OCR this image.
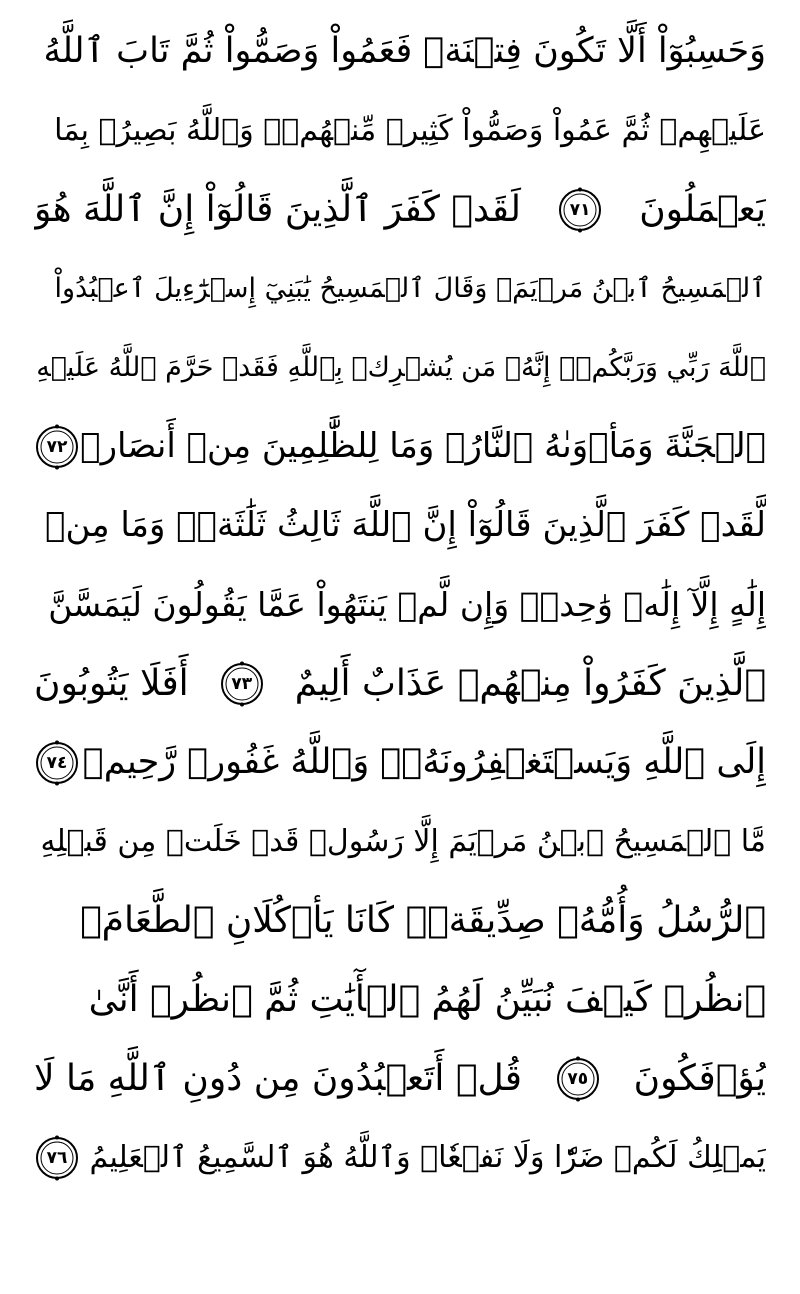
وَحَسِبُوٓاْ أَلَّا تَكُونَ فِتۡنَةٞ فَعَمُواْ وَصَمُّواْ ثُمَّ تَابَ ٱللَّهُ
عَلَيۡهِمۡ ثُمَّ عَمُواْ وَصَمُّواْ كَثِيرٞ مِّنۡهُمۡۚ وَٱللَّهُ بَصِيرُۢ بِمَا
يَعۡمَلُونَ
٧١
لَقَدۡ كَفَرَ ٱلَّذِينَ قَالُوٓاْ إِنَّ ٱللَّهَ هُوَ
ٱلۡمَسِيحُ ٱبۡنُ مَرۡيَمَۖ وَقَالَ ٱلۡمَسِيحُ يَٰبَنِيٓ إِسۡرَٰٓءِيلَ ٱعۡبُدُواْ
ٱللَّهَ رَبِّي وَرَبَّكُمۡۖ إِنَّهُۥ مَن يُشۡرِكۡ بِٱللَّهِ فَقَدۡ حَرَّمَ ٱللَّهُ عَلَيۡهِ
ٱلۡجَنَّةَ وَمَأۡوَىٰهُ ٱلنَّارُۖ وَمَا لِلظَّٰلِمِينَ مِنۡ أَنصَارٖ
٧٢
لَّقَدۡ كَفَرَ ٱلَّذِينَ قَالُوٓاْ إِنَّ ٱللَّهَ ثَالِثُ ثَلَٰثَةٖۘ وَمَا مِنۡ
إِلَٰهٍ إِلَّآ إِلَٰهٞ وَٰحِدٞۚ وَإِن لَّمۡ يَنتَهُواْ عَمَّا يَقُولُونَ لَيَمَسَّنَّ
ٱلَّذِينَ كَفَرُواْ مِنۡهُمۡ عَذَابٌ أَلِيمٌ
٧٣
أَفَلَا يَتُوبُونَ
إِلَى ٱللَّهِ وَيَسۡتَغۡفِرُونَهُۥۚ وَٱللَّهُ غَفُورٞ رَّحِيمٞ
٧٤
مَّا ٱلۡمَسِيحُ ٱبۡنُ مَرۡيَمَ إِلَّا رَسُولٞ قَدۡ خَلَتۡ مِن قَبۡلِهِ
ٱلرُّسُلُ وَأُمُّهُۥ صِدِّيقَةٞۖ كَانَا يَأۡكُلَانِ ٱلطَّعَامَۗ
ٱنظُرۡ كَيۡفَ نُبَيِّنُ لَهُمُ ٱلۡأٓيَٰتِ ثُمَّ ٱنظُرۡ أَنَّىٰ
يُؤۡفَكُونَ
٧٥
قُلۡ أَتَعۡبُدُونَ مِن دُونِ ٱللَّهِ مَا لَا
يَمۡلِكُ لَكُمۡ ضَرّٗا وَلَا نَفۡعٗاۚ وَٱللَّهُ هُوَ ٱلسَّمِيعُ ٱلۡعَلِيمُ
٧٦
